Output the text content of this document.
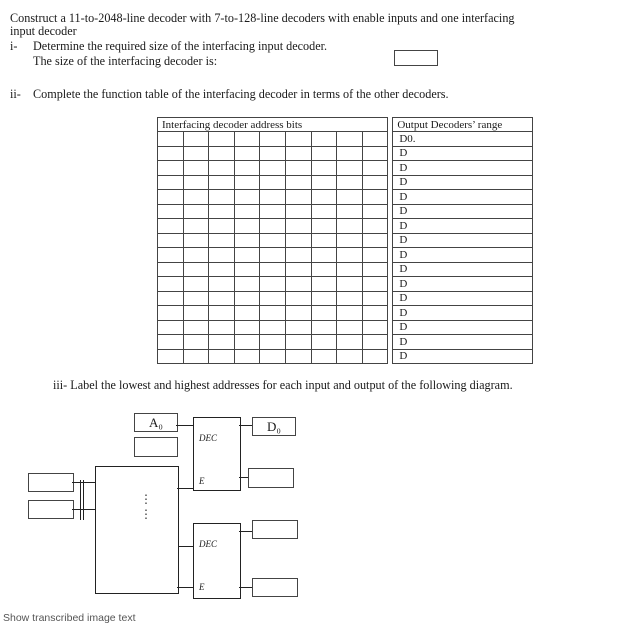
Construct a 11-to-2048-line decoder with 7-to-128-line decoders with enable inputs and one interfacing
input decoder
i- Determine the required size of the interfacing input decoder.
The size of the interfacing decoder is:
ii- Complete the function table of the interfacing decoder in terms of the other decoders.
Interfacing decoder address bits										Output Decoders’ range
										D0.
										D
										D
										D
										D
										D
										D
										D
										D
										D
										D
										D
										D
										D
										D
										D
iii- Label the lowest and highest addresses for each input and output of the following diagram.
A₀	D₀
DEC
E
DEC
E
⋮
⋮
Show transcribed image text
